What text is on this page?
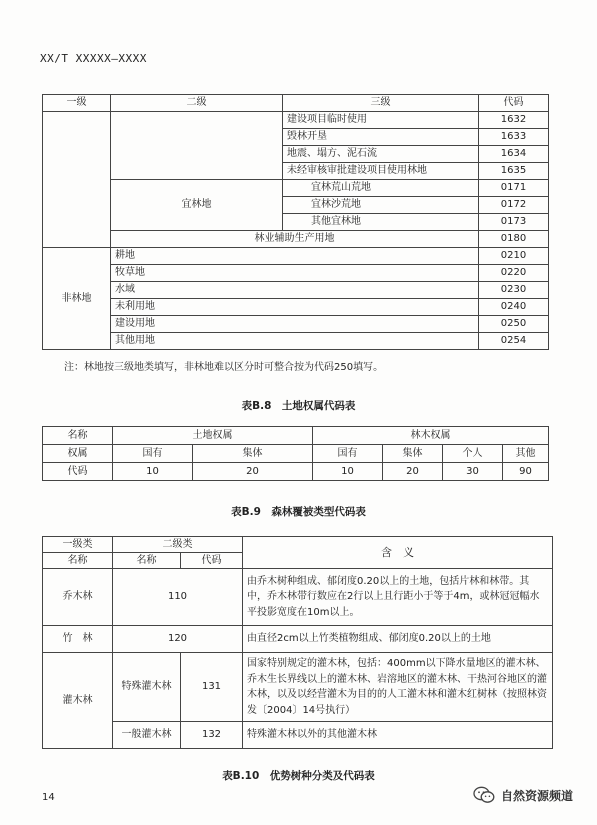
XX/T XXXXX—XXXX
一级	二级	三级	代码
		建设项目临时使用	1632
		毁林开垦	1633
		地震、塌方、泥石流	1634
		未经审核审批建设项目使用林地	1635
	宜林地	宜林荒山荒地	0171
		宜林沙荒地	0172
		其他宜林地	0173
	林业辅助生产用地		0180
非林地	耕地		0210
	牧草地		0220
	水域		0230
	未利用地		0240
	建设用地		0250
	其他用地		0254
注：林地按三级地类填写，非林地难以区分时可整合按为代码250填写。
表B.8　土地权属代码表
名称	土地权属		林木权属			
权属	国有	集体	国有	集体	个人	其他
代码	10	20	10	20	30	90
表B.9　森林覆被类型代码表
一级类	二级类		含　义
名称	名称	代码	
乔木林	110		由乔木树种组成、郁闭度0.20以上的土地，包括片林和林带。其中，乔木林带行数应在2行以上且行距小于等于4m，或林冠冠幅水平投影宽度在10m以上。
竹　林	120		由直径2cm以上竹类植物组成、郁闭度0.20以上的土地
灌木林	特殊灌木林	131	国家特别规定的灌木林，包括：400mm以下降水量地区的灌木林、乔木生长界线以上的灌木林、岩溶地区的灌木林、干热河谷地区的灌木林，以及以经营灌木为目的的人工灌木林和灌木红树林（按照林资发〔2004〕14号执行）
	一般灌木林	132	特殊灌木林以外的其他灌木林
表B.10　优势树种分类及代码表
14	自然资源频道
